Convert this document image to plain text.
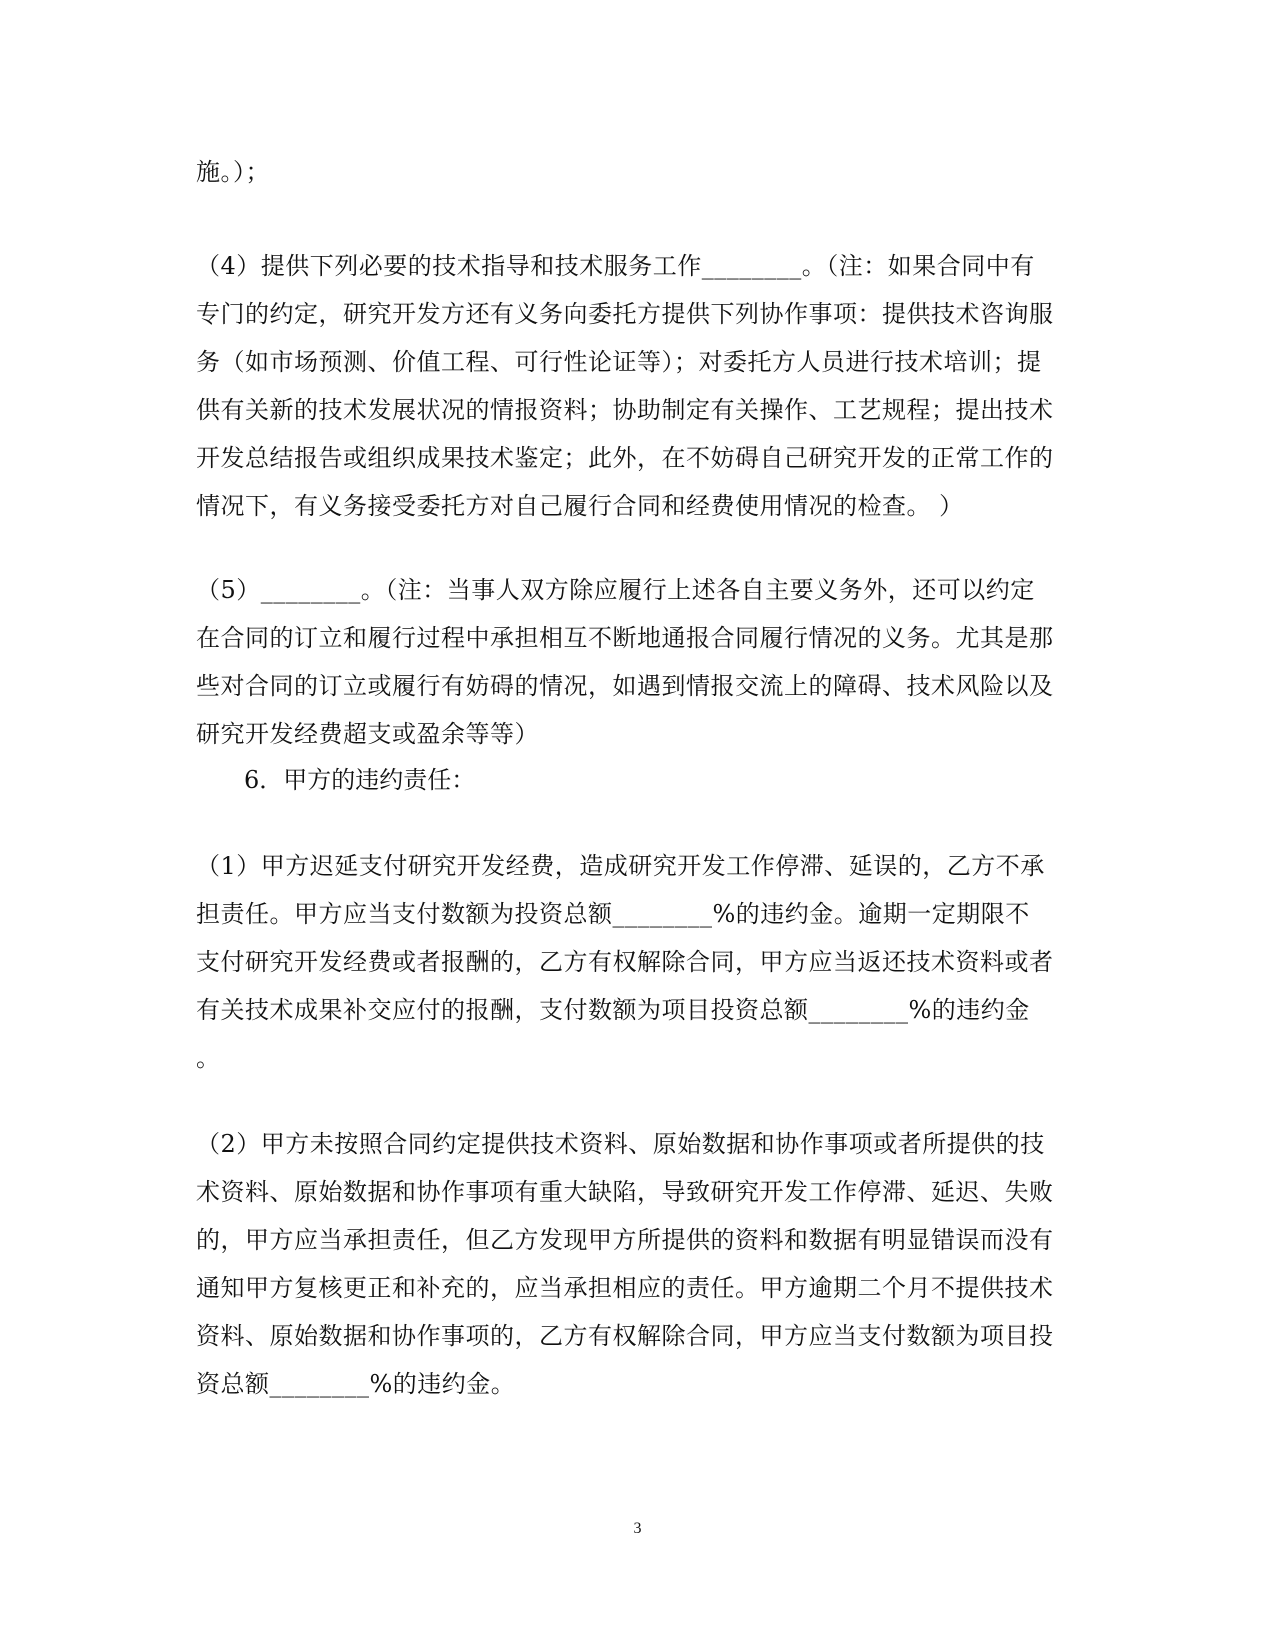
施。）；
（4）提供下列必要的技术指导和技术服务工作________。（注：如果合同中有
专门的约定，研究开发方还有义务向委托方提供下列协作事项：提供技术咨询服
务（如市场预测、价值工程、可行性论证等）；对委托方人员进行技术培训；提
供有关新的技术发展状况的情报资料；协助制定有关操作、工艺规程；提出技术
开发总结报告或组织成果技术鉴定；此外，在不妨碍自己研究开发的正常工作的
情况下，有义务接受委托方对自己履行合同和经费使用情况的检查。 ）
（5）________。（注：当事人双方除应履行上述各自主要义务外，还可以约定
在合同的订立和履行过程中承担相互不断地通报合同履行情况的义务。尤其是那
些对合同的订立或履行有妨碍的情况，如遇到情报交流上的障碍、技术风险以及
研究开发经费超支或盈余等等）
6．甲方的违约责任：
（1）甲方迟延支付研究开发经费，造成研究开发工作停滞、延误的，乙方不承
担责任。甲方应当支付数额为投资总额________%的违约金。逾期一定期限不
支付研究开发经费或者报酬的，乙方有权解除合同，甲方应当返还技术资料或者
有关技术成果补交应付的报酬，支付数额为项目投资总额________%的违约金
。
（2）甲方未按照合同约定提供技术资料、原始数据和协作事项或者所提供的技
术资料、原始数据和协作事项有重大缺陷，导致研究开发工作停滞、延迟、失败
的，甲方应当承担责任，但乙方发现甲方所提供的资料和数据有明显错误而没有
通知甲方复核更正和补充的，应当承担相应的责任。甲方逾期二个月不提供技术
资料、原始数据和协作事项的，乙方有权解除合同，甲方应当支付数额为项目投
资总额________%的违约金。
3
